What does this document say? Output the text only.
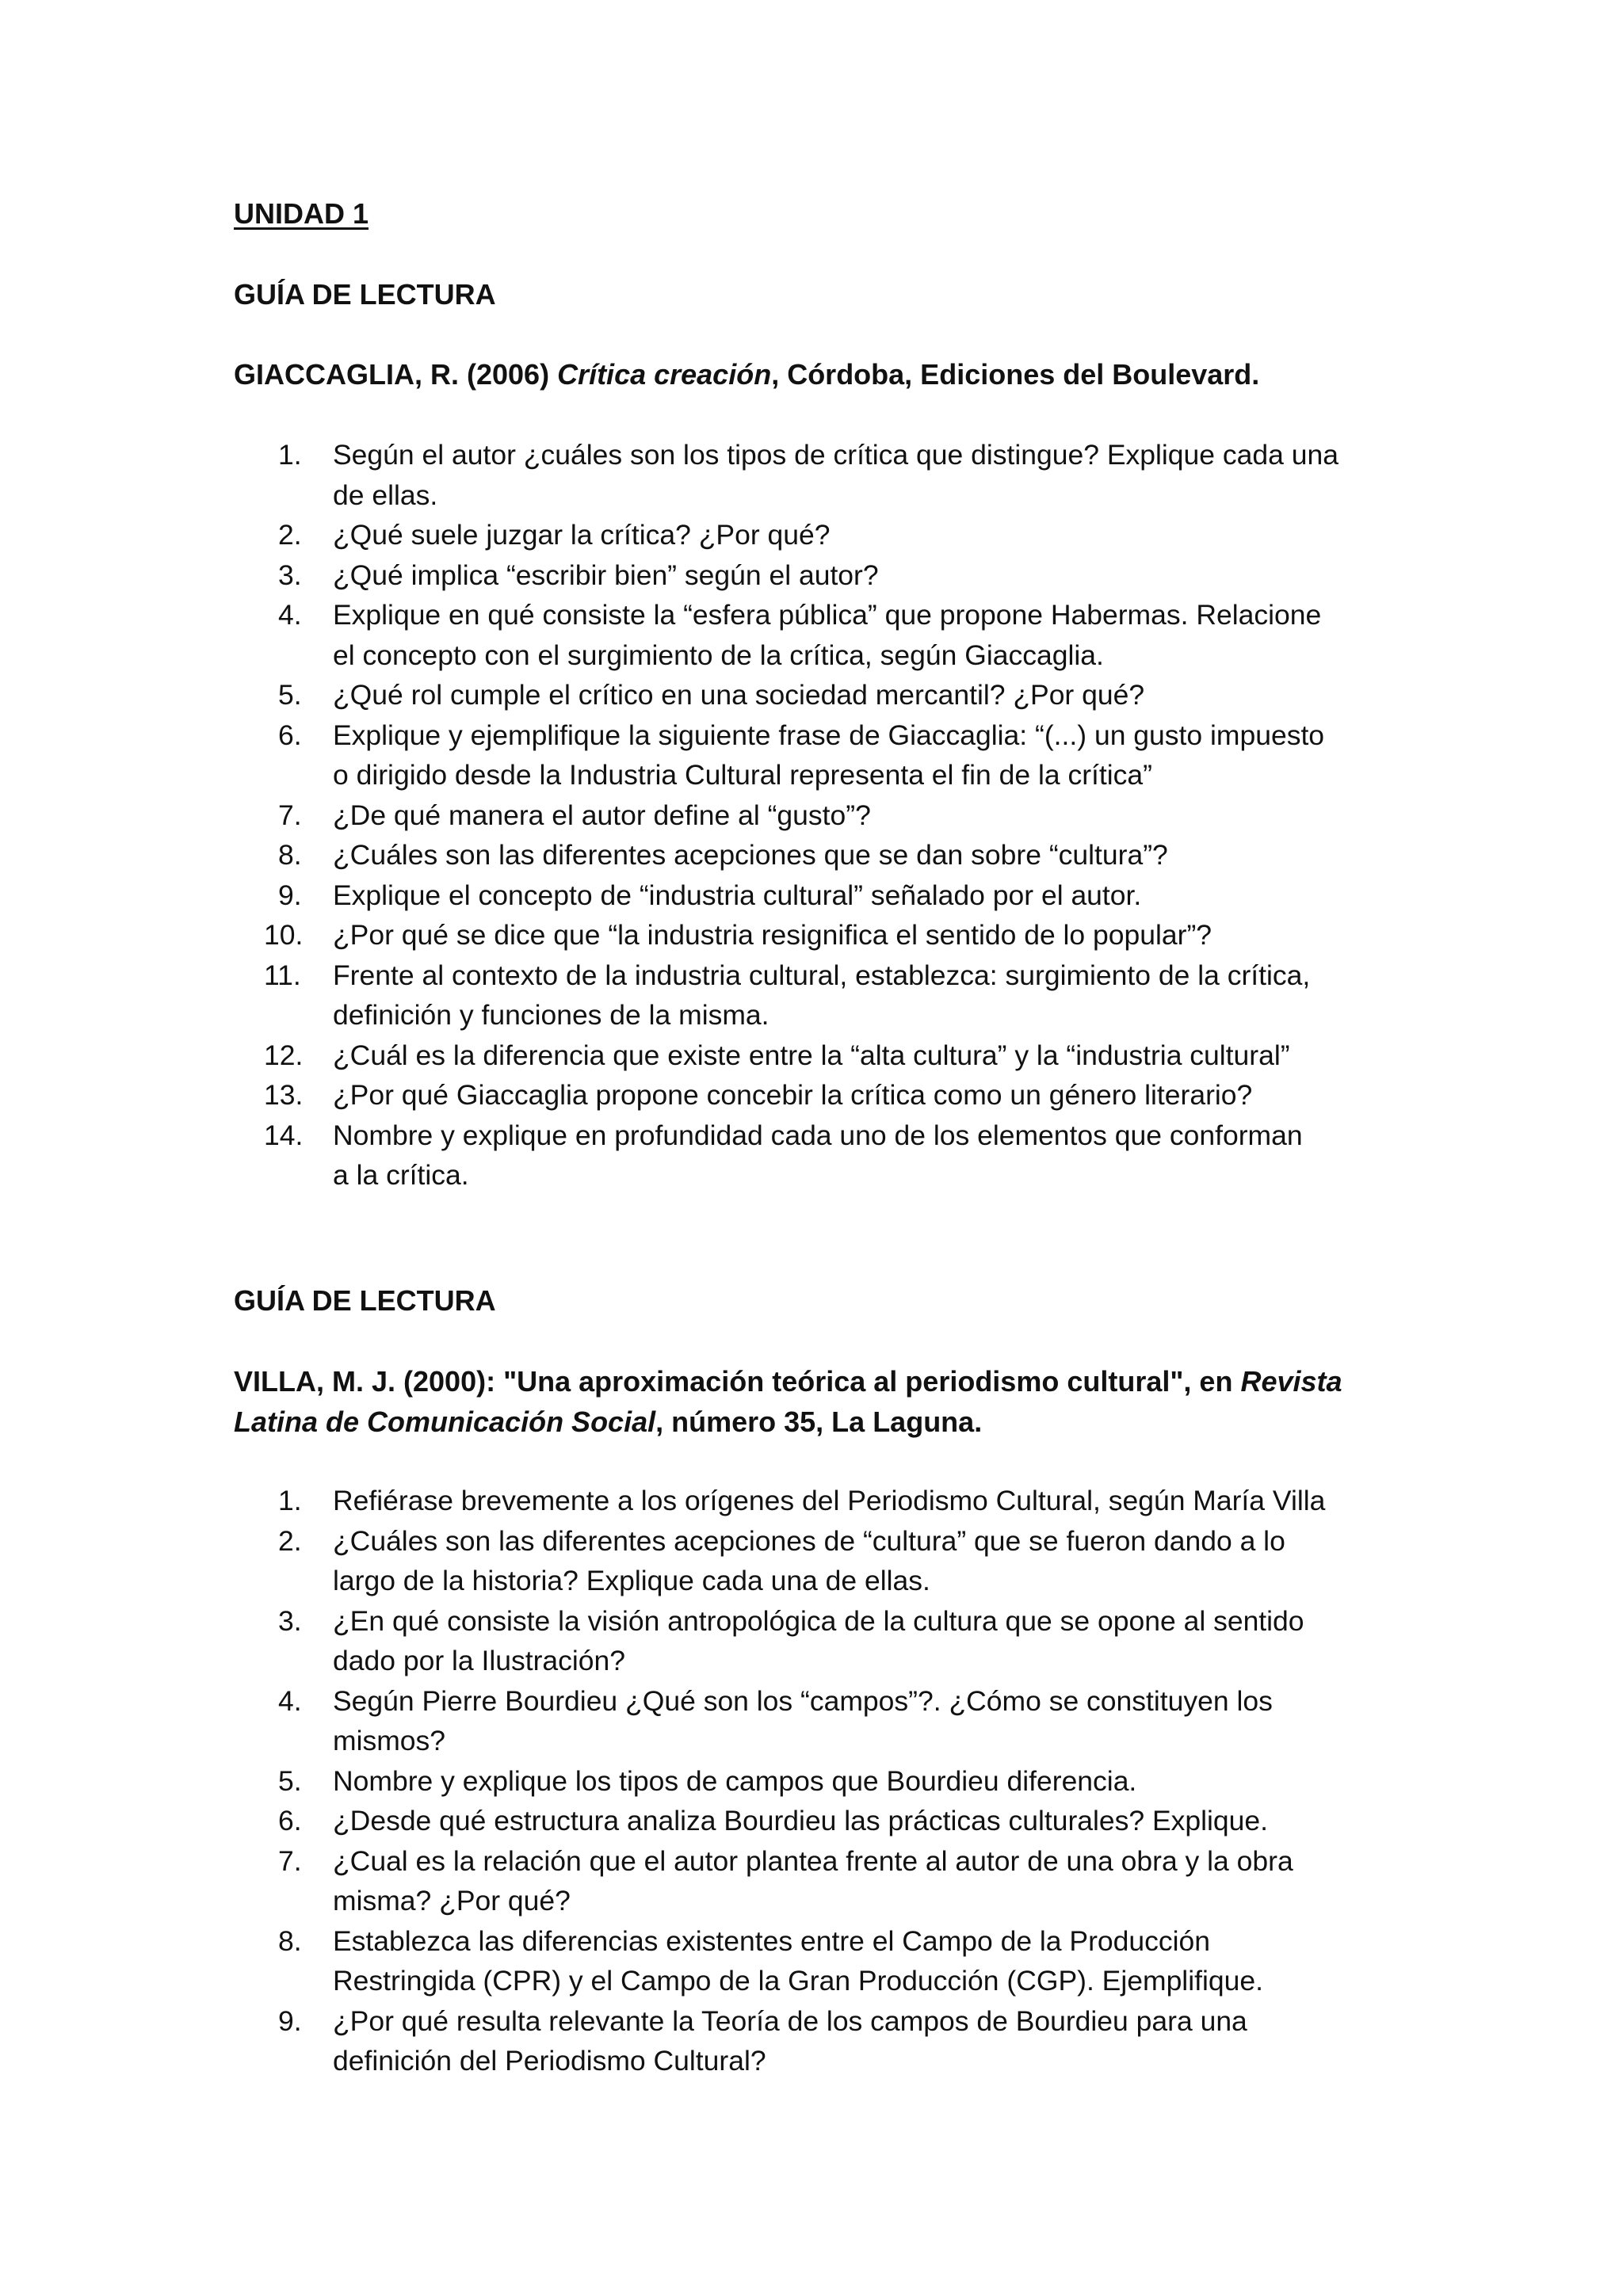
UNIDAD 1
GUÍA DE LECTURA

GIACCAGLIA, R. (2006) Crítica creación, Córdoba, Ediciones del Boulevard.

1.	Según el autor ¿cuáles son los tipos de crítica que distingue? Explique cada una
de ellas.
2.	¿Qué suele juzgar la crítica? ¿Por qué?
3.	¿Qué implica “escribir bien” según el autor?
4.	Explique en qué consiste la “esfera pública” que propone Habermas. Relacione
el concepto con el surgimiento de la crítica, según Giaccaglia.
5.	¿Qué rol cumple el crítico en una sociedad mercantil? ¿Por qué?
6.	Explique y ejemplifique la siguiente frase de Giaccaglia: “(...) un gusto impuesto
o dirigido desde la Industria Cultural representa el fin de la crítica”
7.	¿De qué manera el autor define al “gusto”?
8.	¿Cuáles son las diferentes acepciones que se dan sobre “cultura”?
9.	Explique el concepto de “industria cultural” señalado por el autor.
10. ¿Por qué se dice que “la industria resignifica el sentido de lo popular”?
11.	Frente al contexto de la industria cultural, establezca: surgimiento de la crítica,
definición y funciones de la misma.
12. ¿Cuál es la diferencia que existe entre la “alta cultura” y la “industria cultural”
13. ¿Por qué Giaccaglia propone concebir la crítica como un género literario?
14. Nombre y explique en profundidad cada uno de los elementos que conforman
a la crítica.
GUÍA DE LECTURA

VILLA, M. J. (2000): "Una aproximación teórica al periodismo cultural", en Revista
Latina de Comunicación Social, número 35, La Laguna.

1.	Refiérase brevemente a los orígenes del Periodismo Cultural, según María Villa
2.	¿Cuáles son las diferentes acepciones de “cultura” que se fueron dando a lo
largo de la historia? Explique cada una de ellas.
3.	¿En qué consiste la visión antropológica de la cultura que se opone al sentido
dado por la Ilustración?
4.	Según Pierre Bourdieu ¿Qué son los “campos”?. ¿Cómo se constituyen los
mismos?
5.	Nombre y explique los tipos de campos que Bourdieu diferencia.
6.	¿Desde qué estructura analiza Bourdieu las prácticas culturales? Explique.
7.	¿Cual es la relación que el autor plantea frente al autor de una obra y la obra
misma? ¿Por qué?
8.	Establezca las diferencias existentes entre el Campo de la Producción
Restringida (CPR) y el Campo de la Gran Producción (CGP). Ejemplifique.
9.	¿Por qué resulta relevante la Teoría de los campos de Bourdieu para una
definición del Periodismo Cultural?
